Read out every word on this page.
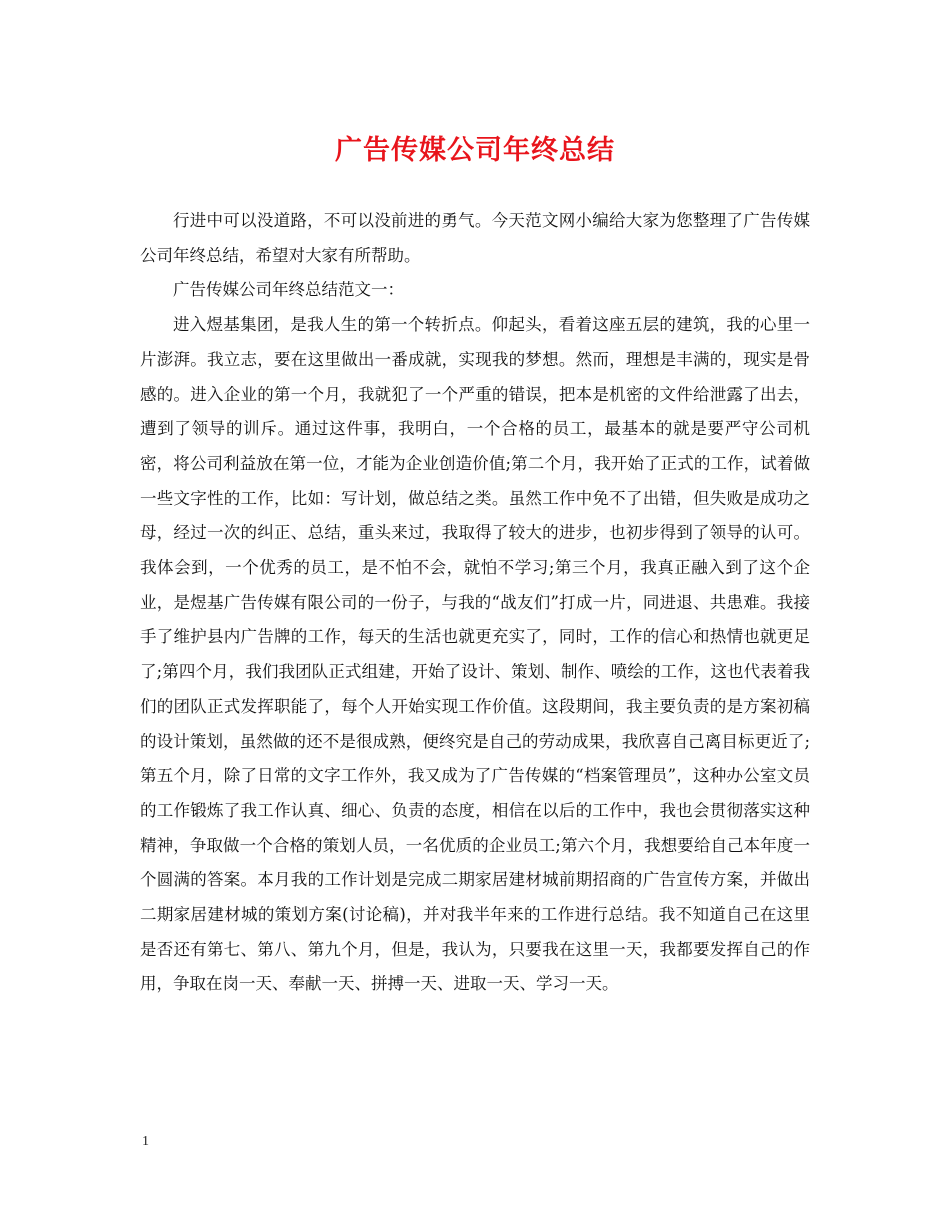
广告传媒公司年终总结

行进中可以没道路，不可以没前进的勇气。今天范文网小编给大家为您整理了广告传媒公司年终总结，希望对大家有所帮助。

广告传媒公司年终总结范文一：

进入煜基集团，是我人生的第一个转折点。仰起头，看着这座五层的建筑，我的心里一片澎湃。我立志，要在这里做出一番成就，实现我的梦想。然而，理想是丰满的，现实是骨感的。进入企业的第一个月，我就犯了一个严重的错误，把本是机密的文件给泄露了出去，遭到了领导的训斥。通过这件事，我明白，一个合格的员工，最基本的就是要严守公司机密，将公司利益放在第一位，才能为企业创造价值;第二个月，我开始了正式的工作，试着做一些文字性的工作，比如：写计划，做总结之类。虽然工作中免不了出错，但失败是成功之母，经过一次的纠正、总结，重头来过，我取得了较大的进步，也初步得到了领导的认可。我体会到，一个优秀的员工，是不怕不会，就怕不学习;第三个月，我真正融入到了这个企业，是煜基广告传媒有限公司的一份子，与我的“战友们”打成一片，同进退、共患难。我接手了维护县内广告牌的工作，每天的生活也就更充实了，同时，工作的信心和热情也就更足了;第四个月，我们我团队正式组建，开始了设计、策划、制作、喷绘的工作，这也代表着我们的团队正式发挥职能了，每个人开始实现工作价值。这段期间，我主要负责的是方案初稿的设计策划，虽然做的还不是很成熟，便终究是自己的劳动成果，我欣喜自己离目标更近了;第五个月，除了日常的文字工作外，我又成为了广告传媒的“档案管理员”，这种办公室文员的工作锻炼了我工作认真、细心、负责的态度，相信在以后的工作中，我也会贯彻落实这种精神，争取做一个合格的策划人员，一名优质的企业员工;第六个月，我想要给自己本年度一个圆满的答案。本月我的工作计划是完成二期家居建材城前期招商的广告宣传方案，并做出二期家居建材城的策划方案(讨论稿)，并对我半年来的工作进行总结。我不知道自己在这里是否还有第七、第八、第九个月，但是，我认为，只要我在这里一天，我都要发挥自己的作用，争取在岗一天、奉献一天、拼搏一天、进取一天、学习一天。

1
